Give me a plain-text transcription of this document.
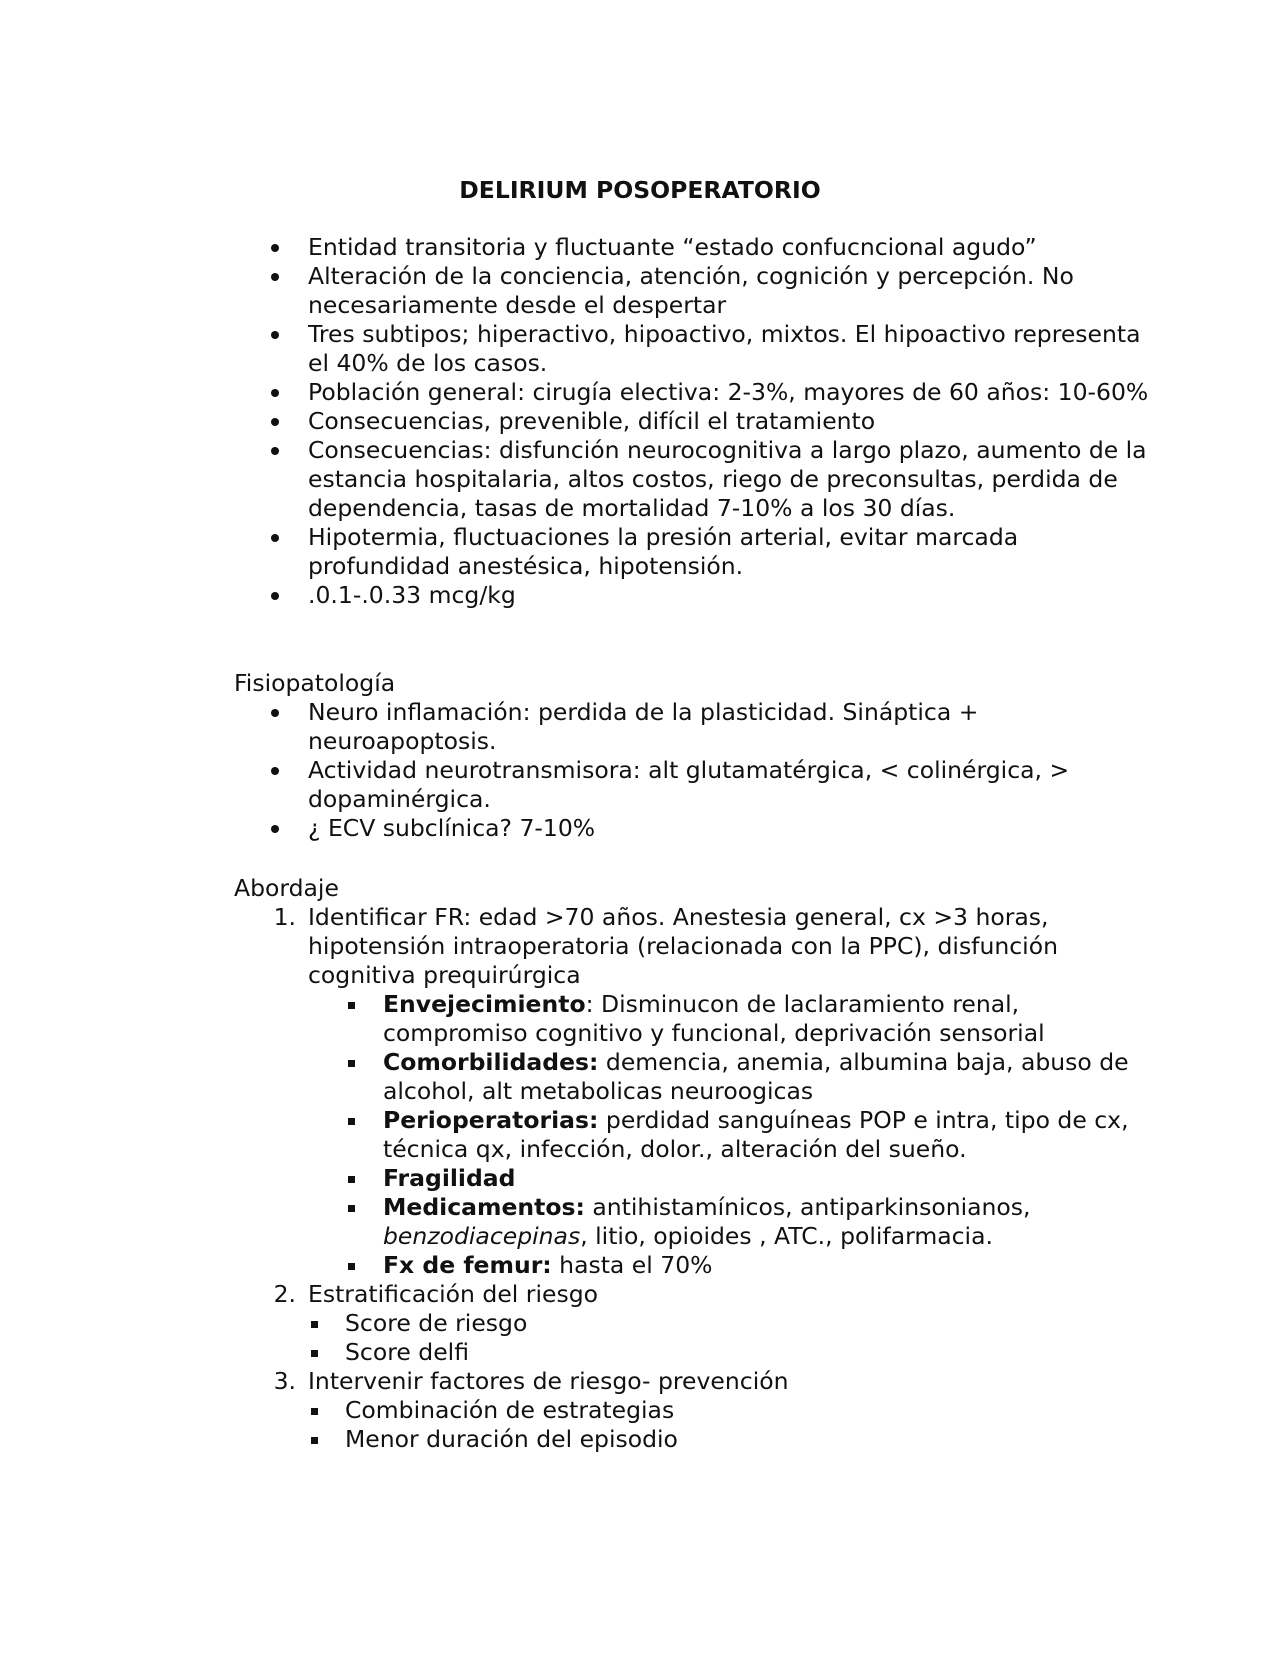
DELIRIUM POSOPERATORIO
Entidad transitoria y fluctuante “estado confucncional agudo”
Alteración de la conciencia, atención, cognición y percepción. No necesariamente desde el despertar
Tres subtipos; hiperactivo, hipoactivo, mixtos. El hipoactivo representa el 40% de los casos.
Población general: cirugía electiva: 2-3%, mayores de 60 años: 10-60%
Consecuencias, prevenible, difícil el tratamiento
Consecuencias: disfunción neurocognitiva a largo plazo, aumento de la estancia hospitalaria, altos costos, riego de preconsultas, perdida de dependencia, tasas de mortalidad 7-10% a los 30 días.
Hipotermia, fluctuaciones la presión arterial, evitar marcada profundidad anestésica, hipotensión.
.0.1-.0.33 mcg/kg
Fisiopatología
Neuro inflamación: perdida de la plasticidad. Sináptica + neuroapoptosis.
Actividad neurotransmisora: alt glutamatérgica, < colinérgica, > dopaminérgica.
¿ ECV subclínica? 7-10%
Abordaje
1. Identificar FR: edad >70 años. Anestesia general, cx >3 horas, hipotensión intraoperatoria (relacionada con la PPC), disfunción cognitiva prequirúrgica
Envejecimiento: Disminucon de laclaramiento renal, compromiso cognitivo y funcional, deprivación sensorial
Comorbilidades: demencia, anemia, albumina baja, abuso de alcohol, alt metabolicas neuroogicas
Perioperatorias: perdidad sanguíneas POP e intra, tipo de cx, técnica qx, infección, dolor., alteración del sueño.
Fragilidad
Medicamentos: antihistamínicos, antiparkinsonianos, benzodiacepinas, litio, opioides , ATC., polifarmacia.
Fx de femur: hasta el 70%
2. Estratificación del riesgo
Score de riesgo
Score delfi
3. Intervenir factores de riesgo- prevención
Combinación de estrategias
Menor duración del episodio
